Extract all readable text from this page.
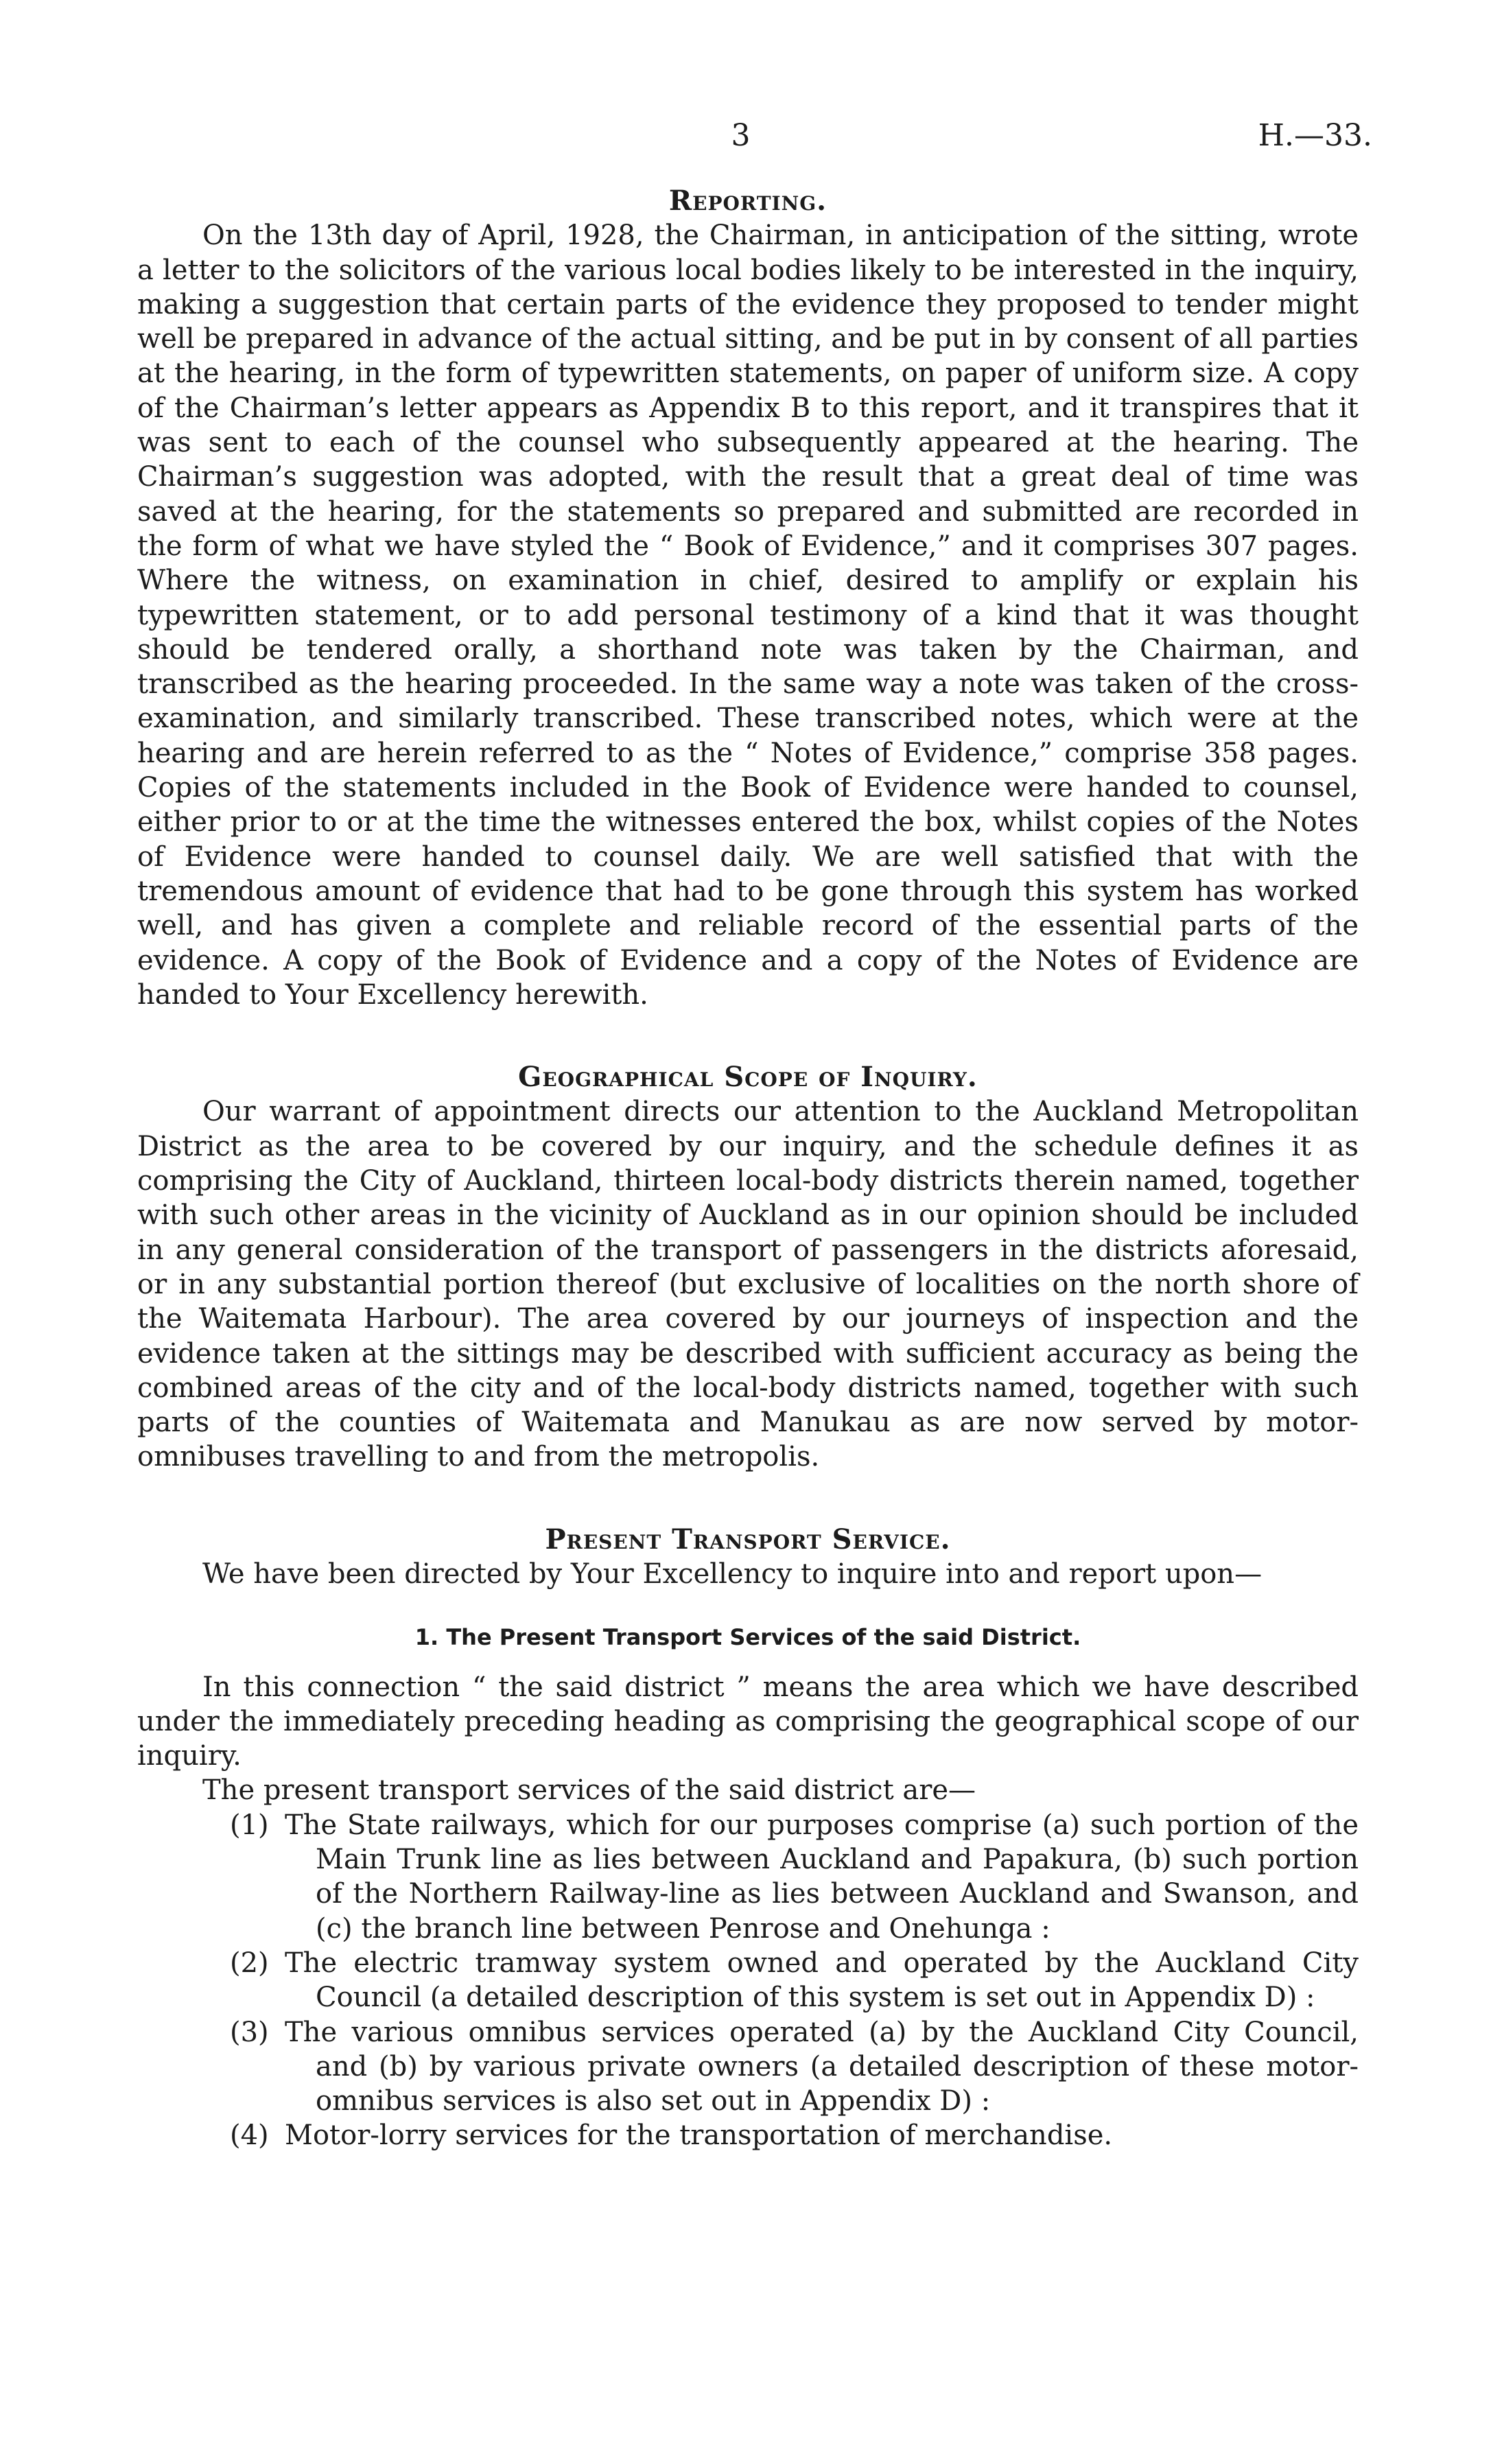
3	H.—33.
Reporting.

On the 13th day of April, 1928, the Chairman, in anticipation of the sitting, wrote a letter to the solicitors of the various local bodies likely to be interested in the inquiry, making a suggestion that certain parts of the evidence they proposed to tender might well be prepared in advance of the actual sitting, and be put in by consent of all parties at the hearing, in the form of typewritten statements, on paper of uniform size. A copy of the Chairman’s letter appears as Appendix B to this report, and it transpires that it was sent to each of the counsel who subsequently appeared at the hearing. The Chairman’s suggestion was adopted, with the result that a great deal of time was saved at the hearing, for the statements so prepared and submitted are recorded in the form of what we have styled the “ Book of Evidence,” and it comprises 307 pages. Where the witness, on examination in chief, desired to amplify or explain his typewritten statement, or to add personal testimony of a kind that it was thought should be tendered orally, a shorthand note was taken by the Chairman, and transcribed as the hearing proceeded. In the same way a note was taken of the cross-examination, and similarly transcribed. These transcribed notes, which were at the hearing and are herein referred to as the “ Notes of Evidence,” comprise 358 pages. Copies of the statements included in the Book of Evidence were handed to counsel, either prior to or at the time the witnesses entered the box, whilst copies of the Notes of Evidence were handed to counsel daily. We are well satisfied that with the tremendous amount of evidence that had to be gone through this system has worked well, and has given a complete and reliable record of the essential parts of the evidence. A copy of the Book of Evidence and a copy of the Notes of Evidence are handed to Your Excellency herewith.

Geographical Scope of Inquiry.

Our warrant of appointment directs our attention to the Auckland Metropolitan District as the area to be covered by our inquiry, and the schedule defines it as comprising the City of Auckland, thirteen local-body districts therein named, together with such other areas in the vicinity of Auckland as in our opinion should be included in any general consideration of the transport of passengers in the districts aforesaid, or in any substantial portion thereof (but exclusive of localities on the north shore of the Waitemata Harbour). The area covered by our journeys of inspection and the evidence taken at the sittings may be described with sufficient accuracy as being the combined areas of the city and of the local-body districts named, together with such parts of the counties of Waitemata and Manukau as are now served by motor-omnibuses travelling to and from the metropolis.

Present Transport Service.

We have been directed by Your Excellency to inquire into and report upon—

1. The Present Transport Services of the said District.

In this connection “ the said district ” means the area which we have described under the immediately preceding heading as comprising the geographical scope of our inquiry.

The present transport services of the said district are—

(1) The State railways, which for our purposes comprise (a) such portion of the Main Trunk line as lies between Auckland and Papakura, (b) such portion of the Northern Railway-line as lies between Auckland and Swanson, and (c) the branch line between Penrose and Onehunga :
(2) The electric tramway system owned and operated by the Auckland City Council (a detailed description of this system is set out in Appendix D) :
(3) The various omnibus services operated (a) by the Auckland City Council, and (b) by various private owners (a detailed description of these motor-omnibus services is also set out in Appendix D) :
(4) Motor-lorry services for the transportation of merchandise.
